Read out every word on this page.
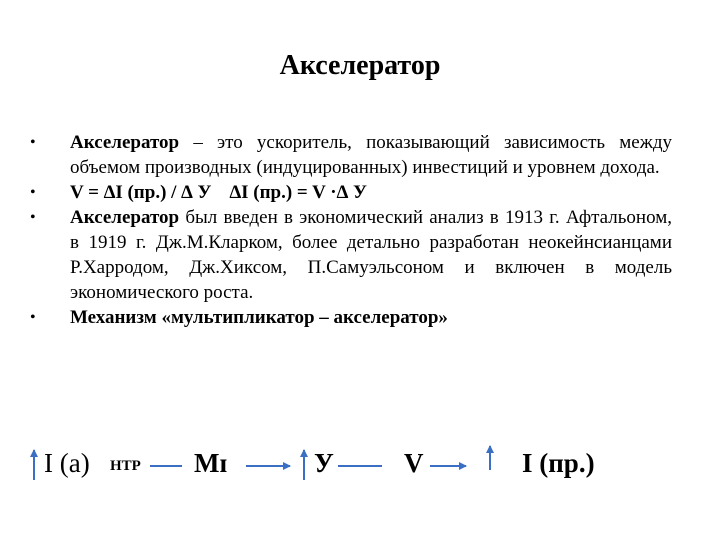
Акселератор
• Акселератор – это ускоритель, показывающий зависимость между объемом производных (индуцированных) инвестиций и уровнем дохода.
• V = ∆I (пр.) / ∆ У ∆I (пр.) = V ·∆ У
• Акселератор был введен в экономический анализ в 1913 г. Афтальоном, в 1919 г. Дж.М.Кларком, более детально разработан неокейнсианцами Р.Харродом, Дж.Хиксом, П.Самуэльсоном и включен в модель экономического роста.
• Механизм «мультипликатор – акселератор»
I (a) НТР Мɪ	У	V	I (пр.)
